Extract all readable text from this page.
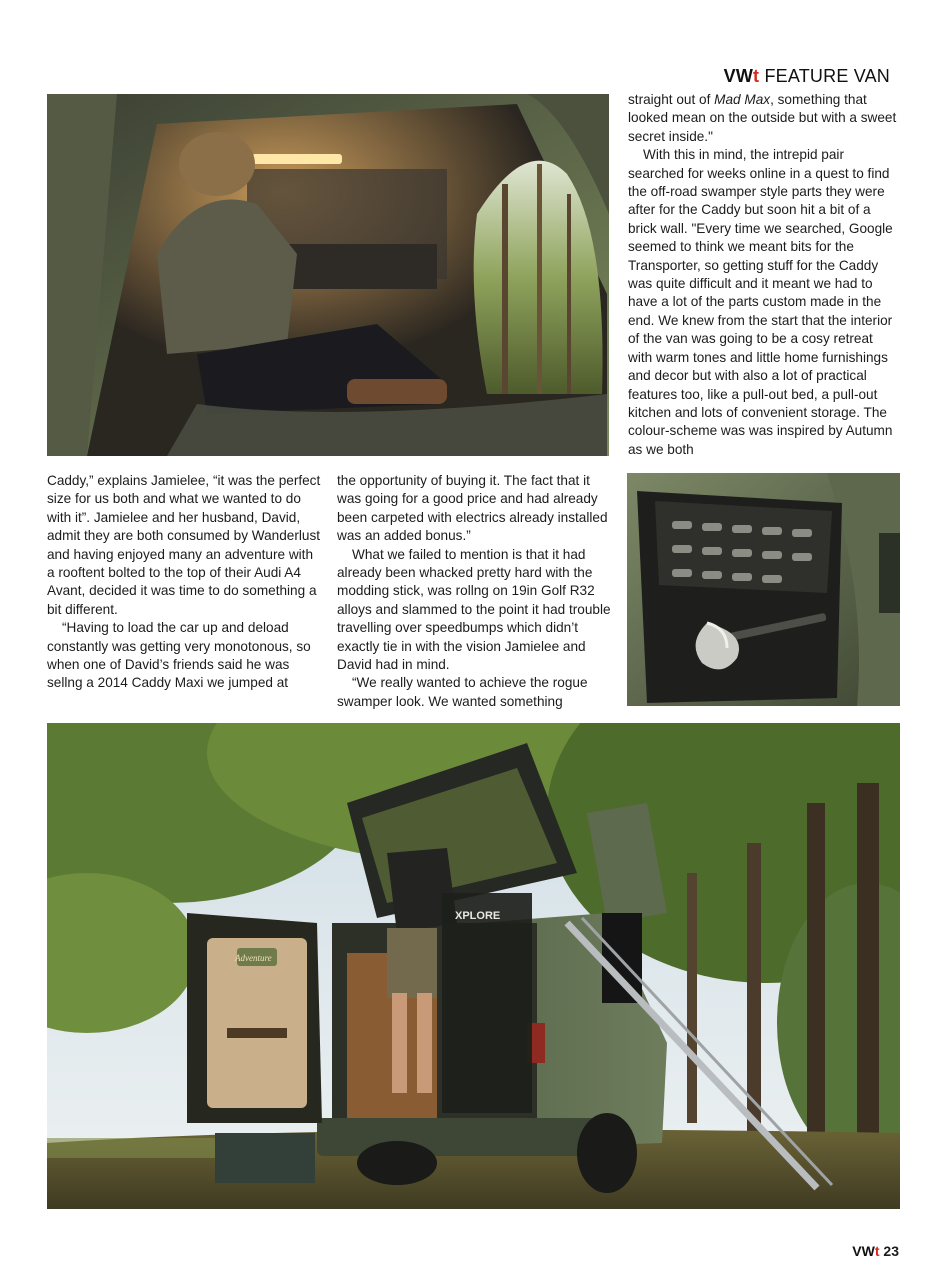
VWt FEATURE VAN

straight out of Mad Max, something that looked mean on the outside but with a sweet secret inside."

With this in mind, the intrepid pair searched for weeks online in a quest to find the off-road swamper style parts they were after for the Caddy but soon hit a bit of a brick wall. "Every time we searched, Google seemed to think we meant bits for the Transporter, so getting stuff for the Caddy was quite difficult and it meant we had to have a lot of the parts custom made in the end. We knew from the start that the interior of the van was going to be a cosy retreat with warm tones and little home furnishings and decor but with also a lot of practical features too, like a pull-out bed, a pull-out kitchen and lots of convenient storage. The colour-scheme was was inspired by Autumn as we both

Caddy,” explains Jamielee, “it was the perfect size for us both and what we wanted to do with it”. Jamielee and her husband, David, admit they are both consumed by Wanderlust and having enjoyed many an adventure with a rooftent bolted to the top of their Audi A4 Avant, decided it was time to do something a bit different.

“Having to load the car up and deload constantly was getting very monotonous, so when one of David’s friends said he was sellng a 2014 Caddy Maxi we jumped at

the opportunity of buying it. The fact that it was going for a good price and had already been carpeted with electrics already installed was an added bonus.”

What we failed to mention is that it had already been whacked pretty hard with the modding stick, was rollng on 19in Golf R32 alloys and slammed to the point it had trouble travelling over speedbumps which didn’t exactly tie in with the vision Jamielee and David had in mind.

“We really wanted to achieve the rogue swamper look. We wanted something

XPLORE
Adventure
VWt 23
